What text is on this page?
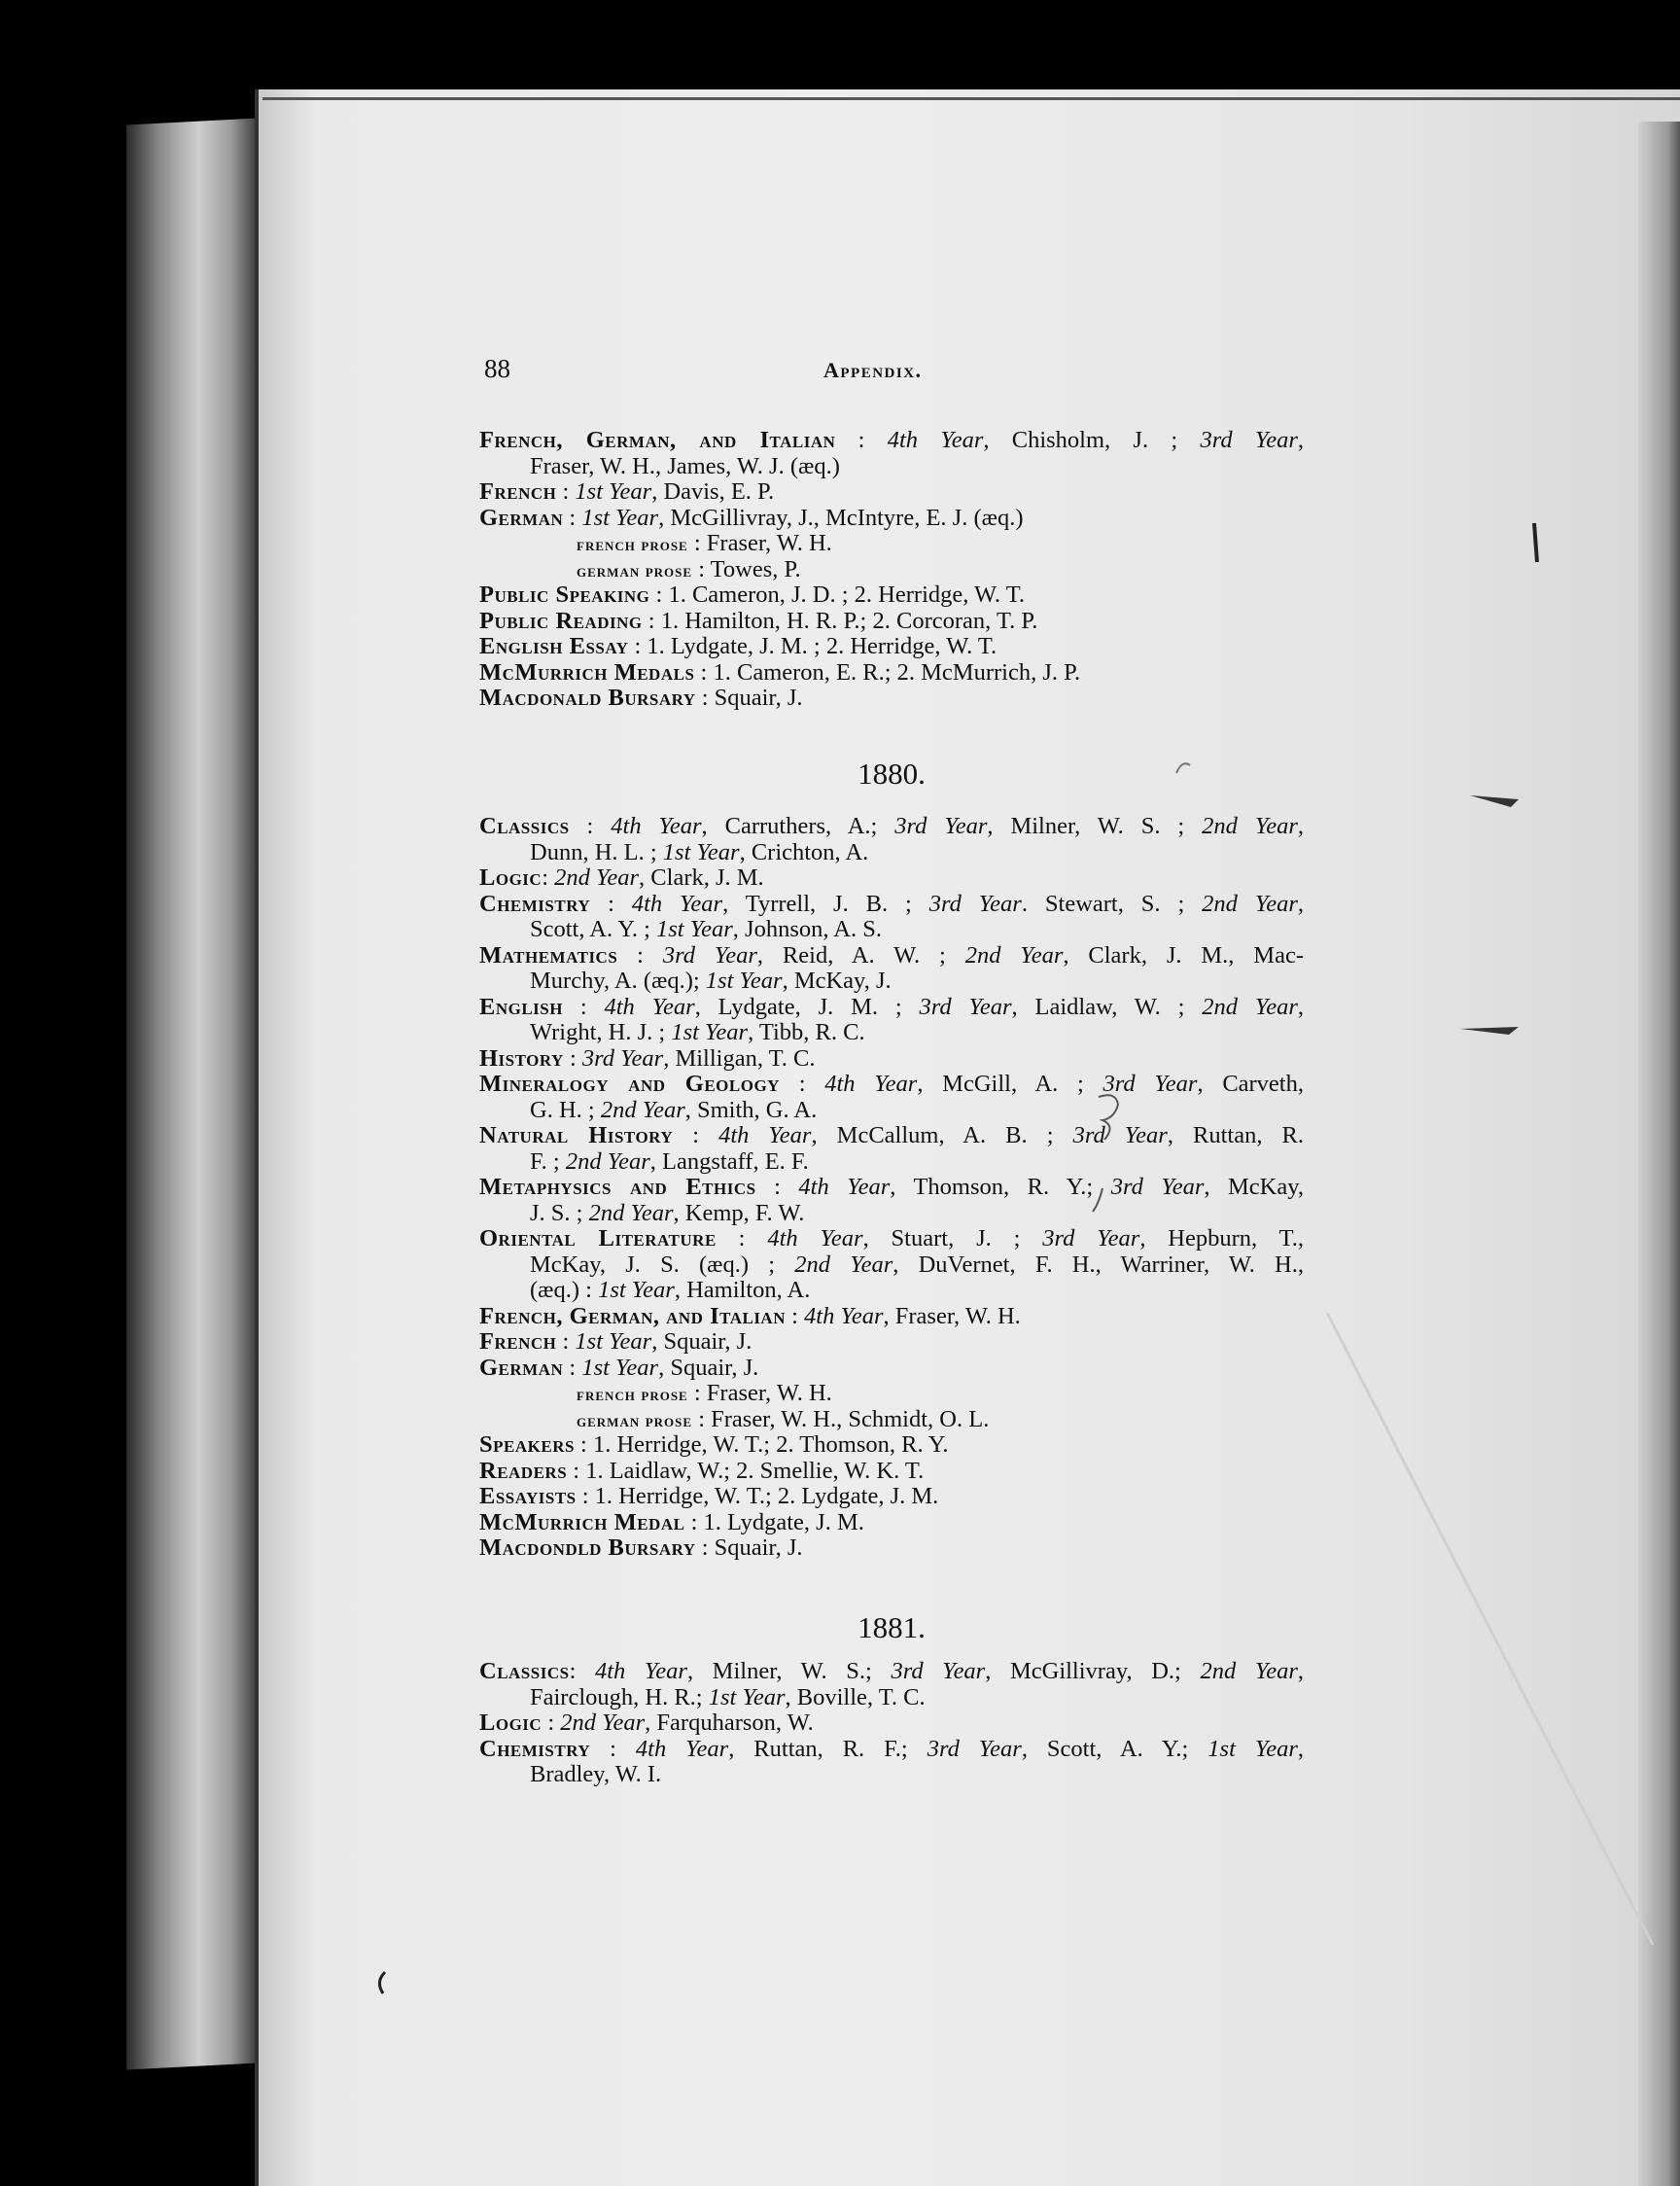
88	Appendix.
French, German, and Italian : 4th Year, Chisholm, J. ; 3rd Year,
Fraser, W. H., James, W. J. (æq.)
French : 1st Year, Davis, E. P.
German : 1st Year, McGillivray, J., McIntyre, E. J. (æq.)
french prose : Fraser, W. H.
german prose : Towes, P.
Public Speaking : 1. Cameron, J. D. ; 2. Herridge, W. T.
Public Reading : 1. Hamilton, H. R. P.; 2. Corcoran, T. P.
English Essay : 1. Lydgate, J. M. ; 2. Herridge, W. T.
McMurrich Medals : 1. Cameron, E. R.; 2. McMurrich, J. P.
Macdonald Bursary : Squair, J.
1880.
Classics : 4th Year, Carruthers, A.; 3rd Year, Milner, W. S. ; 2nd Year,
Dunn, H. L. ; 1st Year, Crichton, A.
Logic: 2nd Year, Clark, J. M.
Chemistry : 4th Year, Tyrrell, J. B. ; 3rd Year. Stewart, S. ; 2nd Year,
Scott, A. Y. ; 1st Year, Johnson, A. S.
Mathematics : 3rd Year, Reid, A. W. ; 2nd Year, Clark, J. M., Mac-
Murchy, A. (æq.); 1st Year, McKay, J.
English : 4th Year, Lydgate, J. M. ; 3rd Year, Laidlaw, W. ; 2nd Year,
Wright, H. J. ; 1st Year, Tibb, R. C.
History : 3rd Year, Milligan, T. C.
Mineralogy and Geology : 4th Year, McGill, A. ; 3rd Year, Carveth,
G. H. ; 2nd Year, Smith, G. A.
Natural History : 4th Year, McCallum, A. B. ; 3rd Year, Ruttan, R.
F. ; 2nd Year, Langstaff, E. F.
Metaphysics and Ethics : 4th Year, Thomson, R. Y.; 3rd Year, McKay,
J. S. ; 2nd Year, Kemp, F. W.
Oriental Literature : 4th Year, Stuart, J. ; 3rd Year, Hepburn, T.,
McKay, J. S. (æq.) ; 2nd Year, DuVernet, F. H., Warriner, W. H.,
(æq.) : 1st Year, Hamilton, A.
French, German, and Italian : 4th Year, Fraser, W. H.
French : 1st Year, Squair, J.
German : 1st Year, Squair, J.
french prose : Fraser, W. H.
german prose : Fraser, W. H., Schmidt, O. L.
Speakers : 1. Herridge, W. T.; 2. Thomson, R. Y.
Readers : 1. Laidlaw, W.; 2. Smellie, W. K. T.
Essayists : 1. Herridge, W. T.; 2. Lydgate, J. M.
McMurrich Medal : 1. Lydgate, J. M.
Macdondld Bursary : Squair, J.
1881.
Classics: 4th Year, Milner, W. S.; 3rd Year, McGillivray, D.; 2nd Year,
Fairclough, H. R.; 1st Year, Boville, T. C.
Logic : 2nd Year, Farquharson, W.
Chemistry : 4th Year, Ruttan, R. F.; 3rd Year, Scott, A. Y.; 1st Year,
Bradley, W. I.
